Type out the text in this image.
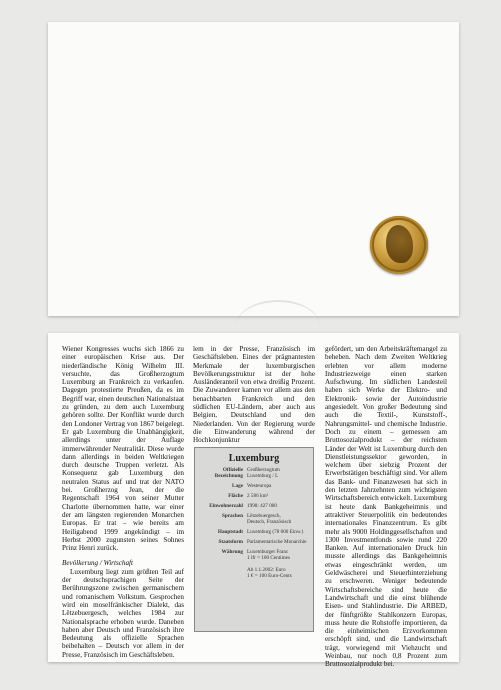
Wiener Kongresses wuchs sich 1866 zu einer europäischen Krise aus. Der niederländische König Wilhelm III. versuchte, das Großherzogtum Luxemburg an Frankreich zu verkaufen. Dagegen protestierte Preußen, da es im Begriff war, einen deutschen Nationalstaat zu gründen, zu dem auch Luxemburg gehören sollte. Der Konflikt wurde durch den Londoner Vertrag von 1867 beigelegt. Er gab Luxemburg die Unabhängigkeit, allerdings unter der Auflage immerwährender Neutralität. Diese wurde dann allerdings in beiden Weltkriegen durch deutsche Truppen verletzt. Als Konsequenz gab Luxemburg den neutralen Status auf und trat der NATO bei. Großherzog Jean, der die Regentschaft 1964 von seiner Mutter Charlotte übernommen hatte, war einer der am längsten regierenden Monarchen Europas. Er trat – wie bereits am Heiligabend 1999 angekündigt – im Herbst 2000 zugunsten seines Sohnes Prinz Henri zurück.

Bevölkerung / Wirtschaft

Luxemburg liegt zum größten Teil auf der deutschsprachigen Seite der Berührungszone zwischen germanischem und romanischem Volkstum. Gesprochen wird ein moselfränkischer Dialekt, das Lëtzebuergesch, welches 1984 zur Nationalsprache erhoben wurde. Daneben haben aber Deutsch und Französisch ihre Bedeutung als offizielle Sprachen beibehalten – Deutsch vor allem in der Presse, Französisch im Geschäftsleben.

lem in der Presse, Französisch im Geschäftsleben. Eines der prägnantesten Merkmale der luxemburgischen Bevölkerungsstruktur ist der hohe Ausländeranteil von etwa dreißig Prozent. Die Zuwanderer kamen vor allem aus den benachbarten Frankreich und den südlichen EU-Ländern, aber auch aus Belgien, Deutschland und den Niederlanden. Von der Regierung wurde die Einwanderung während der Hochkonjunktur

Luxemburg
Offizielle Bezeichnung
Großherzogtum
Luxemburg / L
Lage Westeuropa
Fläche 2 586 km²
Einwohnerzahl 1998: 427 000
Sprachen Lëtzebuergesch,
Deutsch, Französisch
Hauptstadt Luxemburg (78 000 Einw.)
Staatsform Parlamentarische Monarchie
Währung Luxemburger Franc
1 lfr = 100 Centimes

Ab 1.1.2002: Euro
1 € = 100 Euro-Cents

gefördert, um den Arbeitskräftemangel zu beheben. Nach dem Zweiten Weltkrieg erlebten vor allem moderne Industriezweige einen starken Aufschwung. Im südlichen Landesteil haben sich Werke der Elektro- und Elektronik- sowie der Autoindustrie angesiedelt. Von großer Bedeutung sind auch die Textil-, Kunststoff-, Nahrungsmittel- und chemische Industrie. Doch zu einem – gemessen am Bruttosozialprodukt – der reichsten Länder der Welt ist Luxemburg durch den Dienstleistungssektor geworden, in welchem über siebzig Prozent der Erwerbstätigen beschäftigt sind. Vor allem das Bank- und Finanzwesen hat sich in den letzten Jahrzehnten zum wichtigsten Wirtschaftsbereich entwickelt. Luxemburg ist heute dank Bankgeheimnis und attraktiver Steuerpolitik ein bedeutendes internationales Finanzzentrum. Es gibt mehr als 9000 Holdinggesellschaften und 1300 Investmentfonds sowie rund 220 Banken. Auf internationalen Druck hin musste allerdings das Bankgeheimnis etwas eingeschränkt werden, um Geldwäscherei und Steuerhinterziehung zu erschweren. Weniger bedeutende Wirtschaftsbereiche sind heute die Landwirtschaft und die einst blühende Eisen- und Stahlindustrie. Die ARBED, der fünftgrößte Stahlkonzern Europas, muss heute die Rohstoffe importieren, da die einheimischen Erzvorkommen erschöpft sind, und die Landwirtschaft trägt, vorwiegend mit Viehzucht und Weinbau, nur noch 0,8 Prozent zum Bruttosozialprodukt bei.
